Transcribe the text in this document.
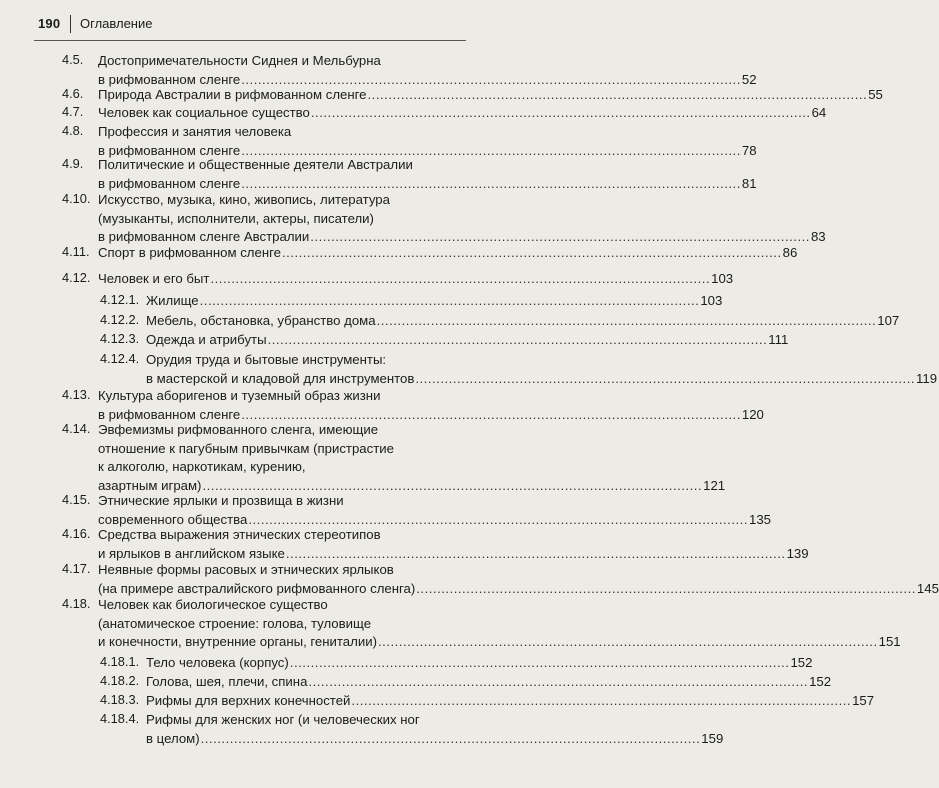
190 Оглавление
4.5. Достопримечательности Сиднея и Мельбурна
в рифмованном сленге ........................................................................................................................ 52
4.6. Природа Австралии в рифмованном сленге ........................................................................................................................ 55
4.7. Человек как социальное существо ........................................................................................................................ 64
4.8. Профессия и занятия человека
в рифмованном сленге ........................................................................................................................ 78
4.9. Политические и общественные деятели Австралии
в рифмованном сленге ........................................................................................................................ 81
4.10. Искусство, музыка, кино, живопись, литература
(музыканты, исполнители, актеры, писатели)
в рифмованном сленге Австралии ........................................................................................................................ 83
4.11. Спорт в рифмованном сленге ........................................................................................................................ 86
4.12. Человек и его быт ........................................................................................................................ 103
4.12.1. Жилище ........................................................................................................................ 103
4.12.2. Мебель, обстановка, убранство дома ........................................................................................................................ 107
4.12.3. Одежда и атрибуты ........................................................................................................................ 111
4.12.4. Орудия труда и бытовые инструменты:
в мастерской и кладовой для инструментов ........................................................................................................................ 119
4.13. Культура аборигенов и туземный образ жизни
в рифмованном сленге ........................................................................................................................ 120
4.14. Эвфемизмы рифмованного сленга, имеющие
отношение к пагубным привычкам (пристрастие
к алкоголю, наркотикам, курению,
азартным играм) ........................................................................................................................ 121
4.15. Этнические ярлыки и прозвища в жизни
современного общества ........................................................................................................................ 135
4.16. Средства выражения этнических стереотипов
и ярлыков в английском языке ........................................................................................................................ 139
4.17. Неявные формы расовых и этнических ярлыков
(на примере австралийского рифмованного сленга) ........................................................................................................................ 145
4.18. Человек как биологическое существо
(анатомическое строение: голова, туловище
и конечности, внутренние органы, гениталии) ........................................................................................................................ 151
4.18.1. Тело человека (корпус) ........................................................................................................................ 152
4.18.2. Голова, шея, плечи, спина ........................................................................................................................ 152
4.18.3. Рифмы для верхних конечностей ........................................................................................................................ 157
4.18.4. Рифмы для женских ног (и человеческих ног
в целом) ........................................................................................................................ 159
